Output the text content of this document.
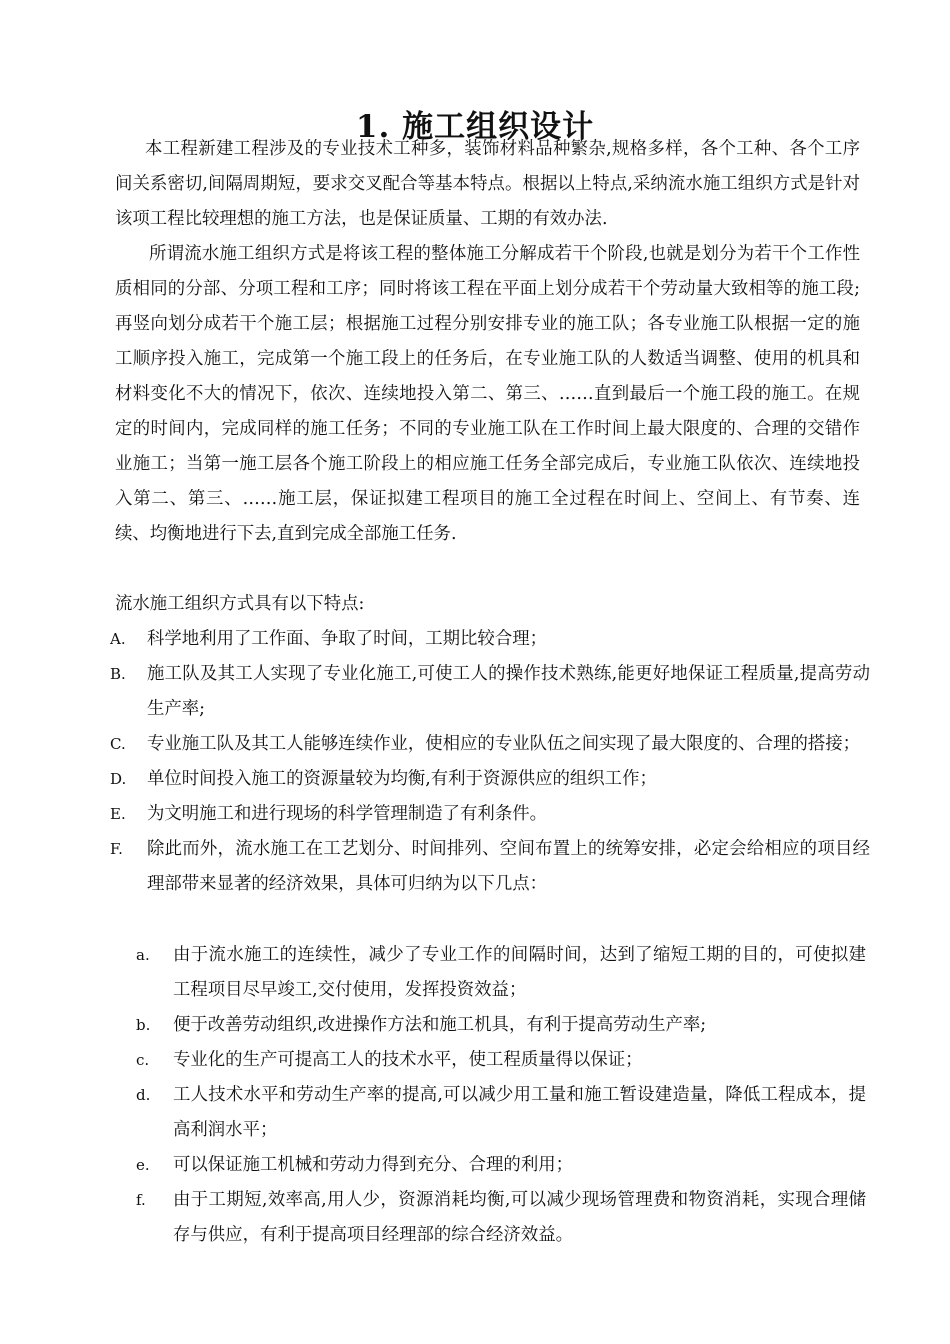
1. 施工组织设计

本工程新建工程涉及的专业技术工种多，装饰材料品种繁杂,规格多样，各个工种、各个工序间关系密切,间隔周期短，要求交叉配合等基本特点。根据以上特点,采纳流水施工组织方式是针对该项工程比较理想的施工方法，也是保证质量、工期的有效办法.

所谓流水施工组织方式是将该工程的整体施工分解成若干个阶段,也就是划分为若干个工作性质相同的分部、分项工程和工序；同时将该工程在平面上划分成若干个劳动量大致相等的施工段;再竖向划分成若干个施工层；根据施工过程分别安排专业的施工队；各专业施工队根据一定的施工顺序投入施工，完成第一个施工段上的任务后，在专业施工队的人数适当调整、使用的机具和材料变化不大的情况下，依次、连续地投入第二、第三、……直到最后一个施工段的施工。在规定的时间内，完成同样的施工任务；不同的专业施工队在工作时间上最大限度的、合理的交错作业施工；当第一施工层各个施工阶段上的相应施工任务全部完成后，专业施工队依次、连续地投入第二、第三、……施工层，保证拟建工程项目的施工全过程在时间上、空间上、有节奏、连续、均衡地进行下去,直到完成全部施工任务.

流水施工组织方式具有以下特点:

A.	科学地利用了工作面、争取了时间，工期比较合理；
B.	施工队及其工人实现了专业化施工,可使工人的操作技术熟练,能更好地保证工程质量,提高劳动生产率;
C.	专业施工队及其工人能够连续作业，使相应的专业队伍之间实现了最大限度的、合理的搭接；
D.	单位时间投入施工的资源量较为均衡,有利于资源供应的组织工作；
E.	为文明施工和进行现场的科学管理制造了有利条件。
F.	除此而外，流水施工在工艺划分、时间排列、空间布置上的统筹安排，必定会给相应的项目经理部带来显著的经济效果，具体可归纳为以下几点：
a.	由于流水施工的连续性，减少了专业工作的间隔时间，达到了缩短工期的目的，可使拟建工程项目尽早竣工,交付使用，发挥投资效益；
b.	便于改善劳动组织,改进操作方法和施工机具，有利于提高劳动生产率;
c.	专业化的生产可提高工人的技术水平，使工程质量得以保证；
d.	工人技术水平和劳动生产率的提高,可以减少用工量和施工暂设建造量，降低工程成本，提高利润水平；
e.	可以保证施工机械和劳动力得到充分、合理的利用；
f.	由于工期短,效率高,用人少，资源消耗均衡,可以减少现场管理费和物资消耗，实现合理储存与供应，有利于提高项目经理部的综合经济效益。
